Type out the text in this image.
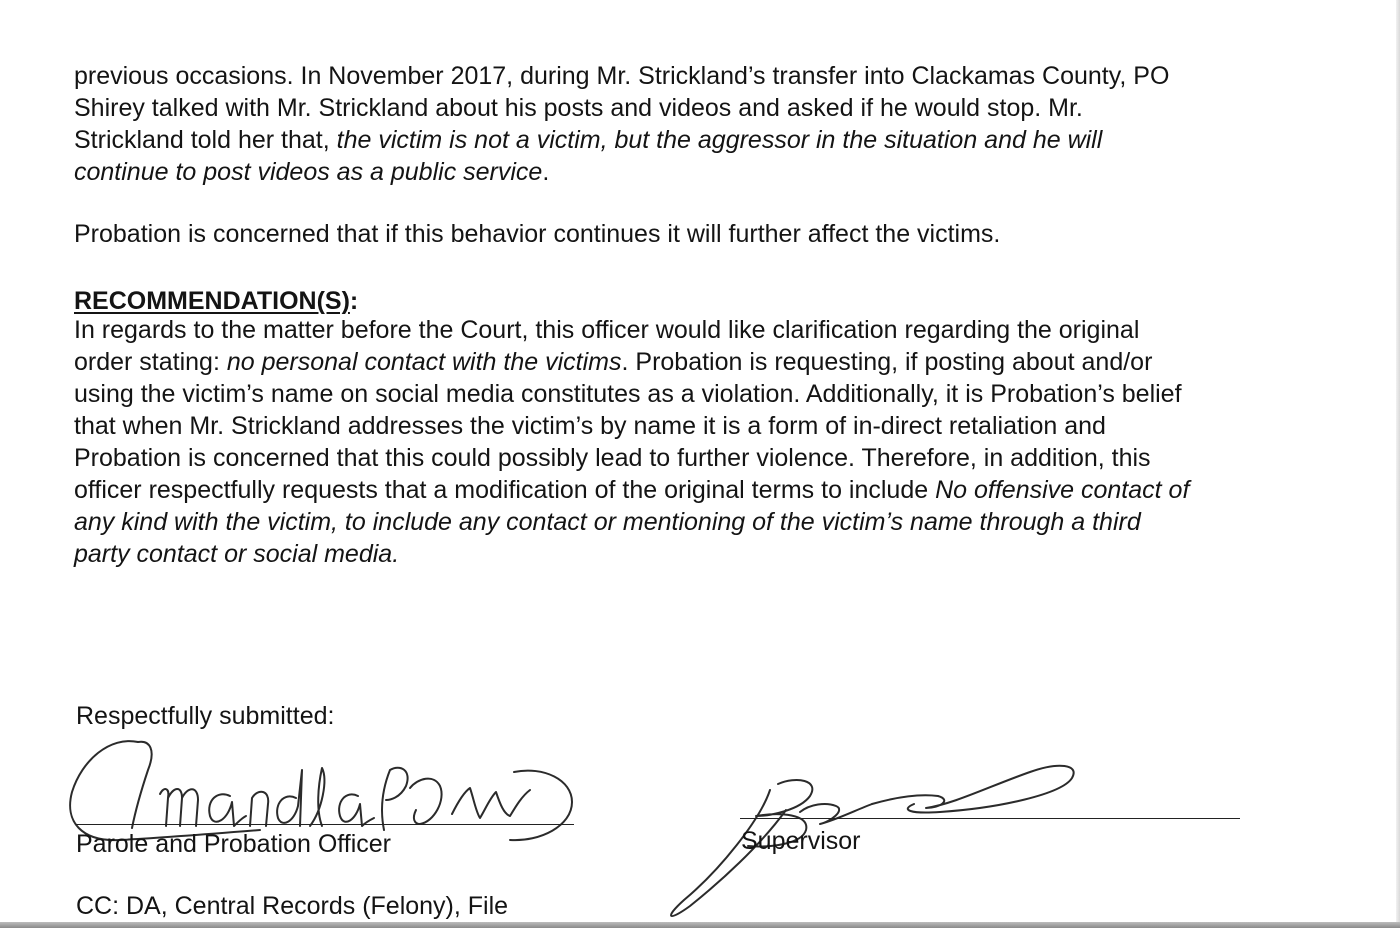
previous occasions. In November 2017, during Mr. Strickland’s transfer into Clackamas County, PO
Shirey talked with Mr. Strickland about his posts and videos and asked if he would stop. Mr.
Strickland told her that, the victim is not a victim, but the aggressor in the situation and he will
continue to post videos as a public service.

Probation is concerned that if this behavior continues it will further affect the victims.

RECOMMENDATION(S):

In regards to the matter before the Court, this officer would like clarification regarding the original
order stating: no personal contact with the victims. Probation is requesting, if posting about and/or
using the victim’s name on social media constitutes as a violation. Additionally, it is Probation’s belief
that when Mr. Strickland addresses the victim’s by name it is a form of in-direct retaliation and
Probation is concerned that this could possibly lead to further violence. Therefore, in addition, this
officer respectfully requests that a modification of the original terms to include No offensive contact of
any kind with the victim, to include any contact or mentioning of the victim’s name through a third
party contact or social media.

Respectfully submitted:
Parole and Probation Officer	Supervisor
CC: DA, Central Records (Felony), File
